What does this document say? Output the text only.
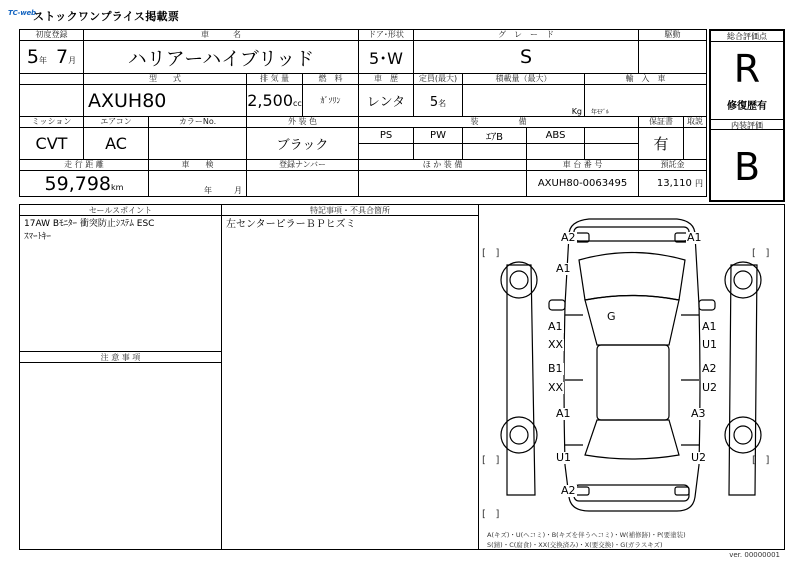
TC-web
ストックワンプライス掲載票
初度登録	車　　　名				ドア･形状	グ　レ　ー　ド				駆動	
5年 7月	ハリアーハイブリッド				5･W	S					
	型　　式		排 気 量	燃　料	車　歴	定員(最大)	積載量（最大）		輸　入　車		
	AXUH80		2,500cc	ｶﾞｿﾘﾝ	レンタ	5名	Kg		年ﾓﾃﾞﾙ		
ミッション	エアコン	カラーNo.	外 装 色		装　　　　　備					保証書	取説
CVT	AC		ブラック		PS	PW	ｴｱB	ABS		有	

走 行 距 離		車　　検	登録ナンバー		ほ か 装 備			車 台 番 号		預託金	
59,798km		年 月						AXUH80-0063495		13,110 円	
総合評価点
R
修復歴有
内装評価
B
セールスポイント
17AW Bﾓﾆﾀｰ 衝突防止ｼｽﾃﾑ ESC
ｽﾏｰﾄｷｰ
注 意 事 項
特記事項・不具合箇所
左センターピラーＢＰヒズミ
[   ]	[   ]
[   ]	[   ]
[   ]
A2	A1
A1
G
A1
XX
B1
XX
A1
U1
A2
U2
A1	A3
U1	U2
A2
A(キズ)・U(ヘコミ)・B(キズを伴うヘコミ)・W(補修跡)・P(要塗装)
S(錆)・C(腐食)・XX(交換済み)・X(要交換)・G(ガラスキズ)
ver. 00000001
